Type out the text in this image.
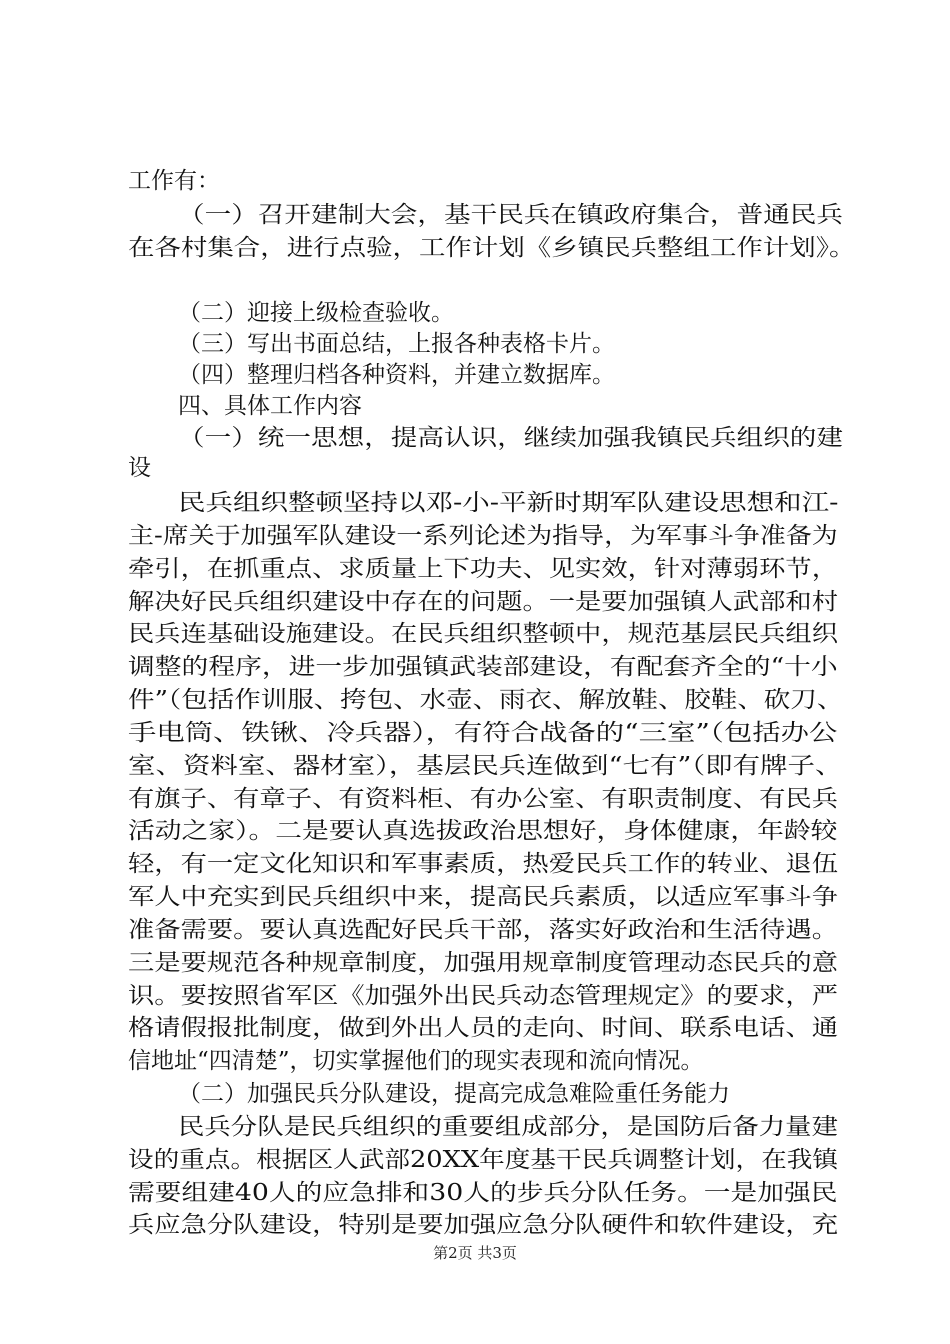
工作有：
（一）召开建制大会，基干民兵在镇政府集合，普通民兵
在各村集合，进行点验，工作计划《乡镇民兵整组工作计划》。
（二）迎接上级检查验收。
（三）写出书面总结，上报各种表格卡片。
（四）整理归档各种资料，并建立数据库。
四、具体工作内容
（一）统一思想，提高认识，继续加强我镇民兵组织的建
设
民兵组织整顿坚持以邓-小-平新时期军队建设思想和江-
主-席关于加强军队建设一系列论述为指导，为军事斗争准备为
牵引，在抓重点、求质量上下功夫、见实效，针对薄弱环节，
解决好民兵组织建设中存在的问题。一是要加强镇人武部和村
民兵连基础设施建设。在民兵组织整顿中，规范基层民兵组织
调整的程序，进一步加强镇武装部建设，有配套齐全的“十小
件”（包括作训服、挎包、水壶、雨衣、解放鞋、胶鞋、砍刀、
手电筒、铁锹、冷兵器），有符合战备的“三室”（包括办公
室、资料室、器材室），基层民兵连做到“七有”（即有牌子、
有旗子、有章子、有资料柜、有办公室、有职责制度、有民兵
活动之家）。二是要认真选拔政治思想好，身体健康，年龄较
轻，有一定文化知识和军事素质，热爱民兵工作的转业、退伍
军人中充实到民兵组织中来，提高民兵素质，以适应军事斗争
准备需要。要认真选配好民兵干部，落实好政治和生活待遇。
三是要规范各种规章制度，加强用规章制度管理动态民兵的意
识。要按照省军区《加强外出民兵动态管理规定》的要求，严
格请假报批制度，做到外出人员的走向、时间、联系电话、通
信地址“四清楚”，切实掌握他们的现实表现和流向情况。
（二）加强民兵分队建设，提高完成急难险重任务能力
民兵分队是民兵组织的重要组成部分，是国防后备力量建
设的重点。根据区人武部20XX年度基干民兵调整计划，在我镇
需要组建40人的应急排和30人的步兵分队任务。一是加强民
兵应急分队建设，特别是要加强应急分队硬件和软件建设，充
第2页 共3页
